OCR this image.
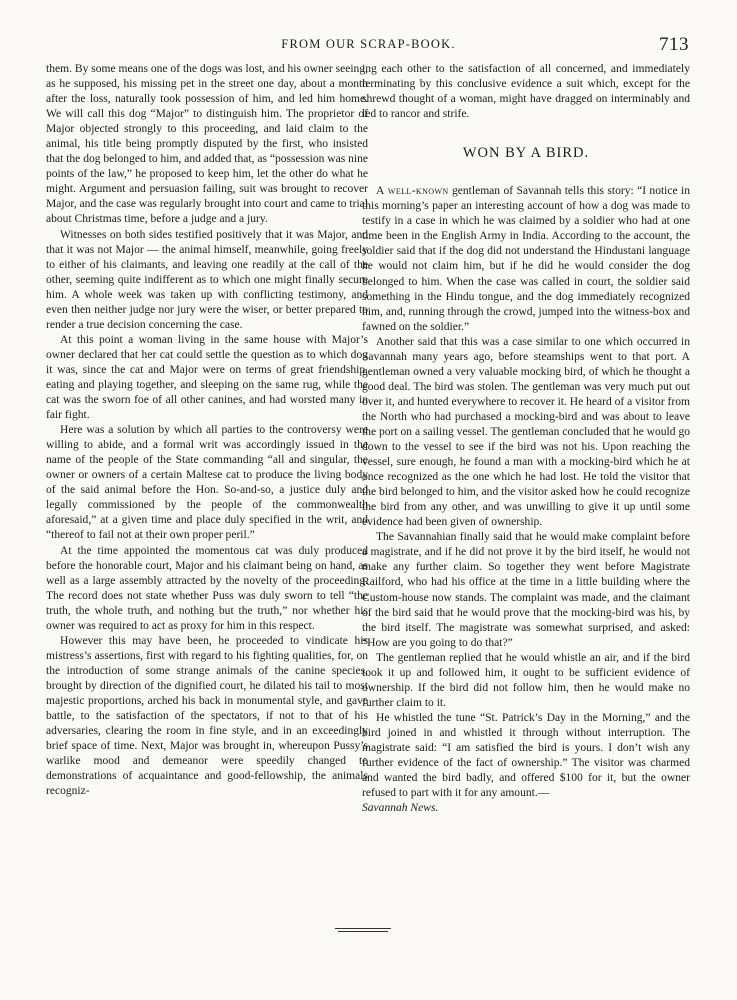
FROM OUR SCRAP-BOOK.	713

them. By some means one of the dogs was lost, and his owner seeing, as he supposed, his missing pet in the street one day, about a month after the loss, naturally took possession of him, and led him home. We will call this dog “Major” to distinguish him. The proprietor of Major objected strongly to this proceeding, and laid claim to the animal, his title being promptly disputed by the first, who insisted that the dog belonged to him, and added that, as “possession was nine points of the law,” he proposed to keep him, let the other do what he might. Argument and persuasion failing, suit was brought to recover Major, and the case was regularly brought into court and came to trial about Christmas time, before a judge and a jury.

Witnesses on both sides testified positively that it was Major, and that it was not Major — the animal himself, meanwhile, going freely to either of his claimants, and leaving one readily at the call of the other, seeming quite indifferent as to which one might finally secure him. A whole week was taken up with conflicting testimony, and even then neither judge nor jury were the wiser, or better prepared to render a true decision concerning the case.

At this point a woman living in the same house with Major’s owner declared that her cat could settle the question as to which dog it was, since the cat and Major were on terms of great friendship, eating and playing together, and sleeping on the same rug, while the cat was the sworn foe of all other canines, and had worsted many in fair fight.

Here was a solution by which all parties to the controversy were willing to abide, and a formal writ was accordingly issued in the name of the people of the State commanding “all and singular, the owner or owners of a certain Maltese cat to produce the living body of the said animal before the Hon. So-and-so, a justice duly and legally commissioned by the people of the commonwealth aforesaid,” at a given time and place duly specified in the writ, and “thereof to fail not at their own proper peril.”

At the time appointed the momentous cat was duly produced before the honorable court, Major and his claimant being on hand, as well as a large assembly attracted by the novelty of the proceeding. The record does not state whether Puss was duly sworn to tell “the truth, the whole truth, and nothing but the truth,” nor whether his owner was required to act as proxy for him in this respect.

However this may have been, he proceeded to vindicate his mistress’s assertions, first with regard to his fighting qualities, for, on the introduction of some strange animals of the canine species, brought by direction of the dignified court, he dilated his tail to most majestic proportions, arched his back in monumental style, and gave battle, to the satisfaction of the spectators, if not to that of his adversaries, clearing the room in fine style, and in an exceedingly brief space of time. Next, Major was brought in, whereupon Pussy’s warlike mood and demeanor were speedily changed to demonstrations of acquaintance and good-fellowship, the animals recogniz-

ing each other to the satisfaction of all concerned, and immediately terminating by this conclusive evidence a suit which, except for the shrewd thought of a woman, might have dragged on interminably and led to rancor and strife.

WON BY A BIRD.

A well-known gentleman of Savannah tells this story: “I notice in this morning’s paper an interesting account of how a dog was made to testify in a case in which he was claimed by a soldier who had at one time been in the English Army in India. According to the account, the soldier said that if the dog did not understand the Hindustani language he would not claim him, but if he did he would consider the dog belonged to him. When the case was called in court, the soldier said something in the Hindu tongue, and the dog immediately recognized him, and, running through the crowd, jumped into the witness-box and fawned on the soldier.”

Another said that this was a case similar to one which occurred in Savannah many years ago, before steamships went to that port. A gentleman owned a very valuable mocking bird, of which he thought a good deal. The bird was stolen. The gentleman was very much put out over it, and hunted everywhere to recover it. He heard of a visitor from the North who had purchased a mocking-bird and was about to leave the port on a sailing vessel. The gentleman concluded that he would go down to the vessel to see if the bird was not his. Upon reaching the vessel, sure enough, he found a man with a mocking-bird which he at once recognized as the one which he had lost. He told the visitor that the bird belonged to him, and the visitor asked how he could recognize the bird from any other, and was unwilling to give it up until some evidence had been given of ownership.

The Savannahian finally said that he would make complaint before a magistrate, and if he did not prove it by the bird itself, he would not make any further claim. So together they went before Magistrate Railford, who had his office at the time in a little building where the Custom-house now stands. The complaint was made, and the claimant of the bird said that he would prove that the mocking-bird was his, by the bird itself. The magistrate was somewhat surprised, and asked: “How are you going to do that?”

The gentleman replied that he would whistle an air, and if the bird took it up and followed him, it ought to be sufficient evidence of ownership. If the bird did not follow him, then he would make no further claim to it.

He whistled the tune “St. Patrick’s Day in the Morning,” and the bird joined in and whistled it through without interruption. The magistrate said: “I am satisfied the bird is yours. I don’t wish any further evidence of the fact of ownership.” The visitor was charmed and wanted the bird badly, and offered $100 for it, but the owner refused to part with it for any amount.—
Savannah News.
